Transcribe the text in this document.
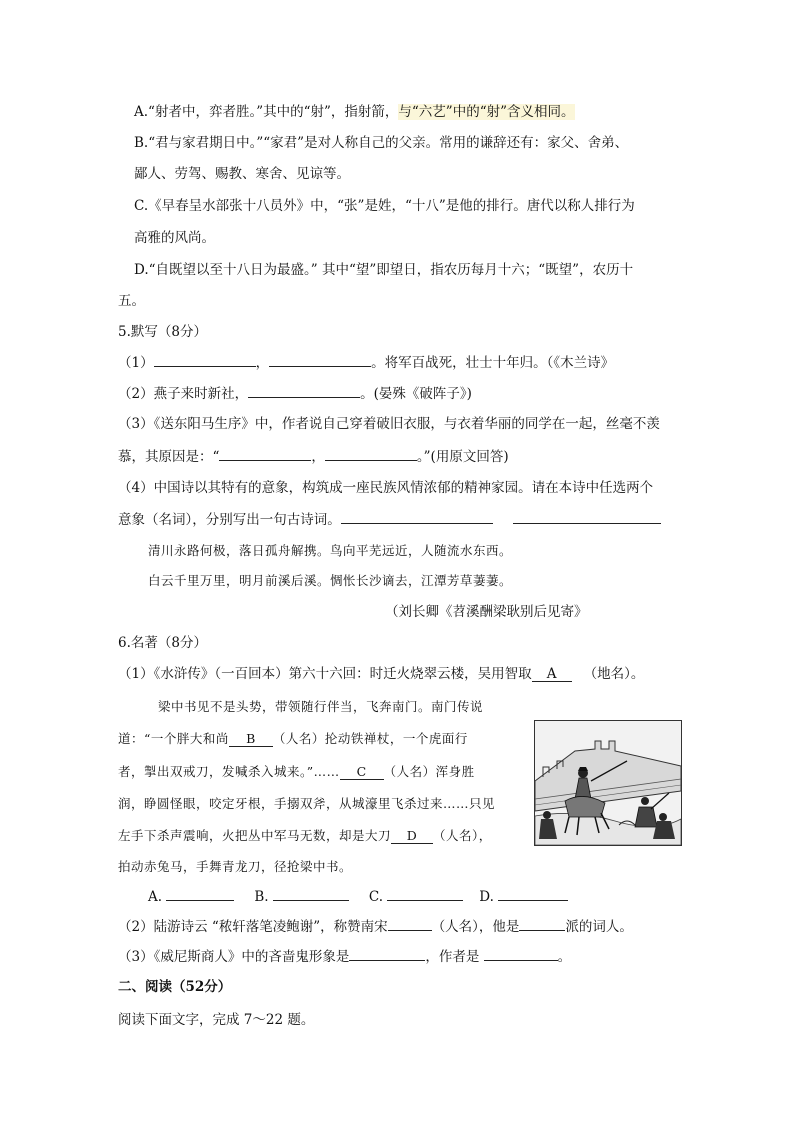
A.“射者中，弈者胜。”其中的“射”，指射箭，与“六艺”中的“射”含义相同。
B.“君与家君期日中。”“家君”是对人称自己的父亲。常用的谦辞还有：家父、舍弟、
鄙人、劳驾、赐教、寒舍、见谅等。
C.《早春呈水部张十八员外》中，“张”是姓，“十八”是他的排行。唐代以称人排行为
高雅的风尚。
D.“自既望以至十八日为最盛。” 其中“望”即望日，指农历每月十六；“既望”，农历十
五。
5.默写（8分）
（1）	，	。将军百战死，壮士十年归。（《木兰诗》
（2）燕子来时新社，	。(晏殊《破阵子》)
（3）《送东阳马生序》中，作者说自己穿着破旧衣服，与衣着华丽的同学在一起，丝毫不羡
慕，其原因是：“	，	。”(用原文回答)
（4）中国诗以其特有的意象，构筑成一座民族风情浓郁的精神家园。请在本诗中任选两个
意象（名词），分别写出一句古诗词。
清川永路何极，落日孤舟解携。鸟向平芜远近，人随流水东西。
白云千里万里，明月前溪后溪。惆怅长沙谪去，江潭芳草萋萋。
（刘长卿《苕溪酬梁耿别后见寄》
6.名著（8分）
（1）《水浒传》（一百回本）第六十六回：时迁火烧翠云楼，吴用智取 A （地名）。
梁中书见不是头势，带领随行伴当，飞奔南门。南门传说
道：“一个胖大和尚 B （人名）抡动铁禅杖，一个虎面行
者，掣出双戒刀，发喊杀入城来。”…… C （人名）浑身胜
润，睁圆怪眼，咬定牙根，手搦双斧，从城濠里飞杀过来……只见
左手下杀声震响，火把丛中军马无数，却是大刀 D （人名），
拍动赤兔马，手舞青龙刀，径抢梁中书。
A.	B.	C.	D.
（2）陆游诗云 “秾轩落笔凌鲍谢”，称赞南宋	（人名），他是	派的词人。
（3）《威尼斯商人》中的吝啬鬼形象是	，作者是	。
二、阅读（52分）
阅读下面文字，完成 7～22 题。
